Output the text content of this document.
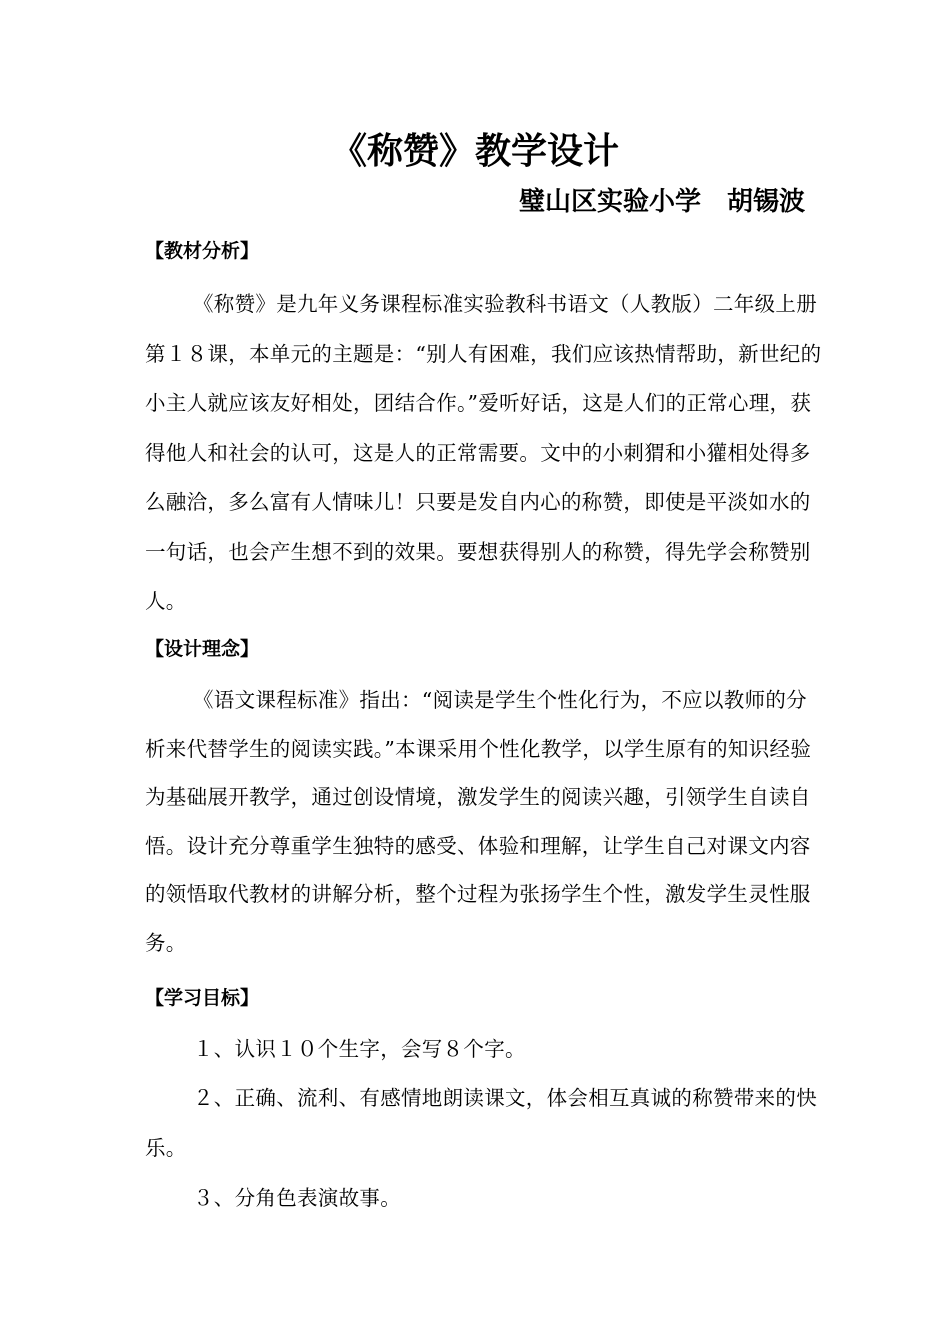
《称赞》教学设计
璧山区实验小学　胡锡波
【教材分析】
《称赞》是九年义务课程标准实验教科书语文（人教版）二年级上册第１８课，本单元的主题是：“别人有困难，我们应该热情帮助，新世纪的小主人就应该友好相处，团结合作。”爱听好话，这是人们的正常心理，获得他人和社会的认可，这是人的正常需要。文中的小刺猬和小獾相处得多么融洽，多么富有人情味儿！只要是发自内心的称赞，即使是平淡如水的一句话，也会产生想不到的效果。要想获得别人的称赞，得先学会称赞别人。
【设计理念】
《语文课程标准》指出：“阅读是学生个性化行为，不应以教师的分析来代替学生的阅读实践。”本课采用个性化教学，以学生原有的知识经验为基础展开教学，通过创设情境，激发学生的阅读兴趣，引领学生自读自悟。设计充分尊重学生独特的感受、体验和理解，让学生自己对课文内容的领悟取代教材的讲解分析，整个过程为张扬学生个性，激发学生灵性服务。
【学习目标】
１、认识１０个生字，会写８个字。
２、正确、流利、有感情地朗读课文，体会相互真诚的称赞带来的快乐。
３、分角色表演故事。
